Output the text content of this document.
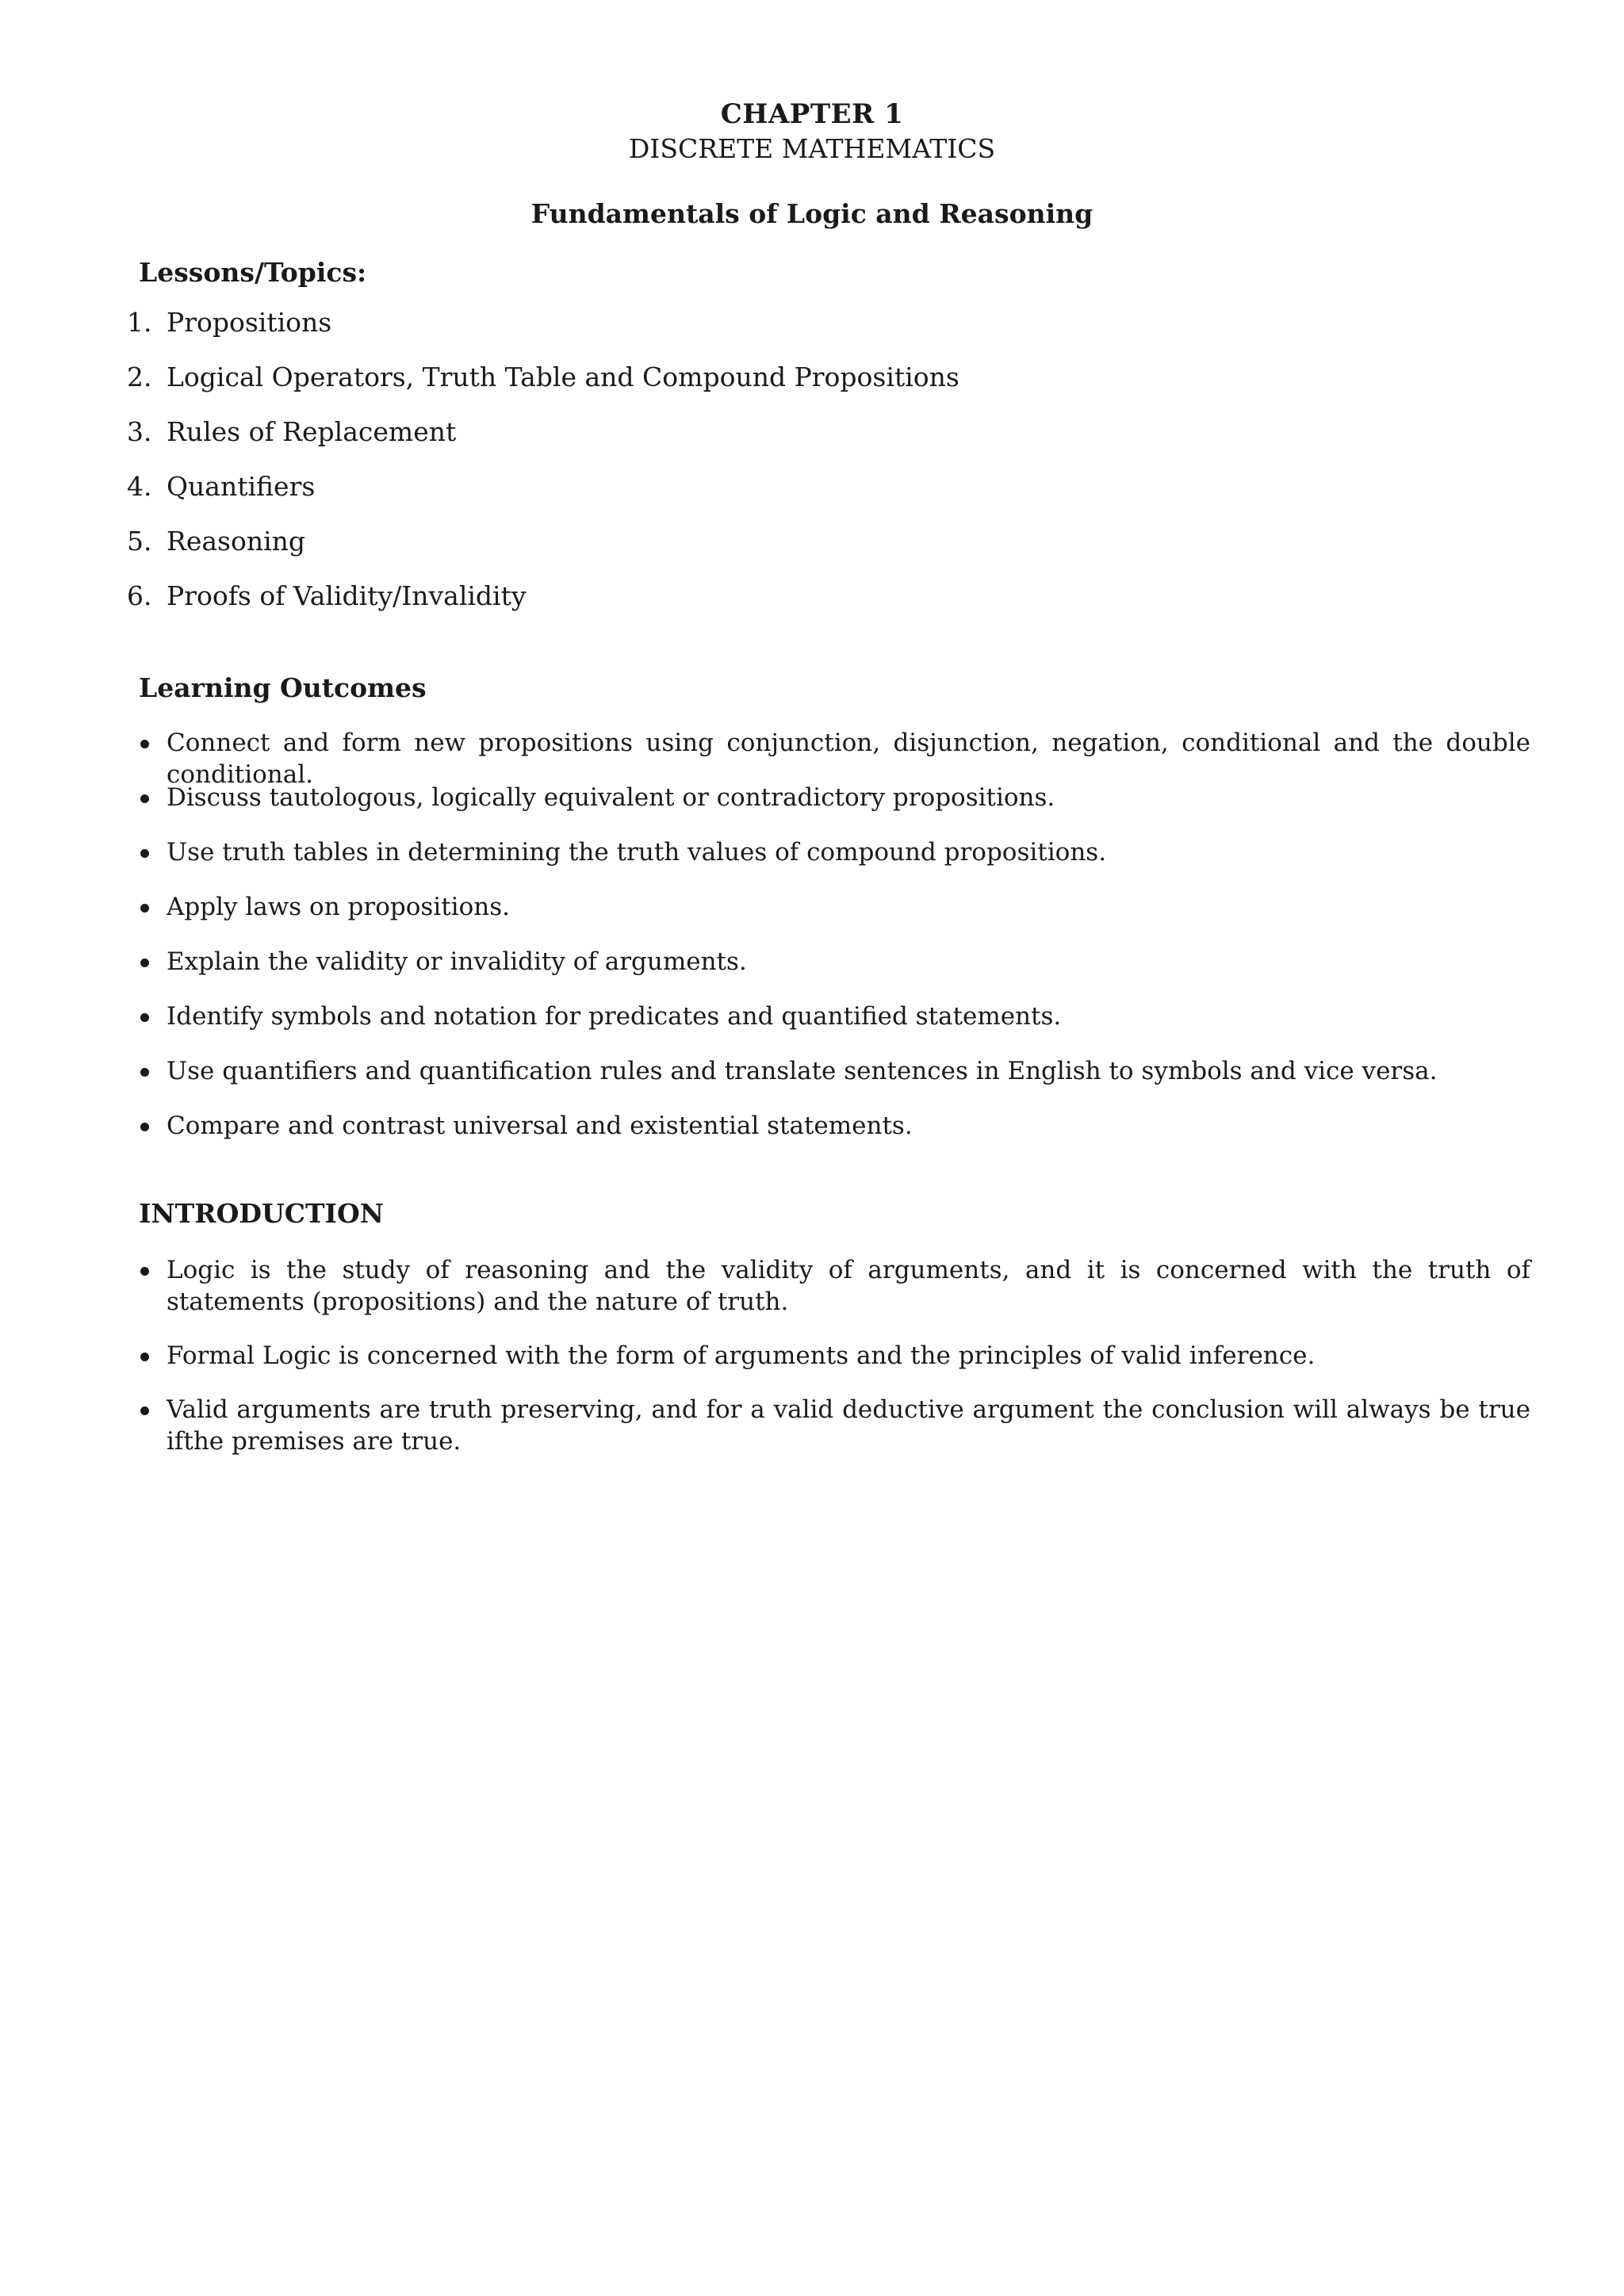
CHAPTER 1
DISCRETE MATHEMATICS
Fundamentals of Logic and Reasoning
Lessons/Topics:
1. Propositions
2. Logical Operators, Truth Table and Compound Propositions
3. Rules of Replacement
4. Quantifiers
5. Reasoning
6. Proofs of Validity/Invalidity
Learning Outcomes
Connect and form new propositions using conjunction, disjunction, negation, conditional and the double conditional.
Discuss tautologous, logically equivalent or contradictory propositions.
Use truth tables in determining the truth values of compound propositions.
Apply laws on propositions.
Explain the validity or invalidity of arguments.
Identify symbols and notation for predicates and quantified statements.
Use quantifiers and quantification rules and translate sentences in English to symbols and vice versa.
Compare and contrast universal and existential statements.
INTRODUCTION
Logic is the study of reasoning and the validity of arguments, and it is concerned with the truth of statements (propositions) and the nature of truth.
Formal Logic is concerned with the form of arguments and the principles of valid inference.
Valid arguments are truth preserving, and for a valid deductive argument the conclusion will always be true ifthe premises are true.
